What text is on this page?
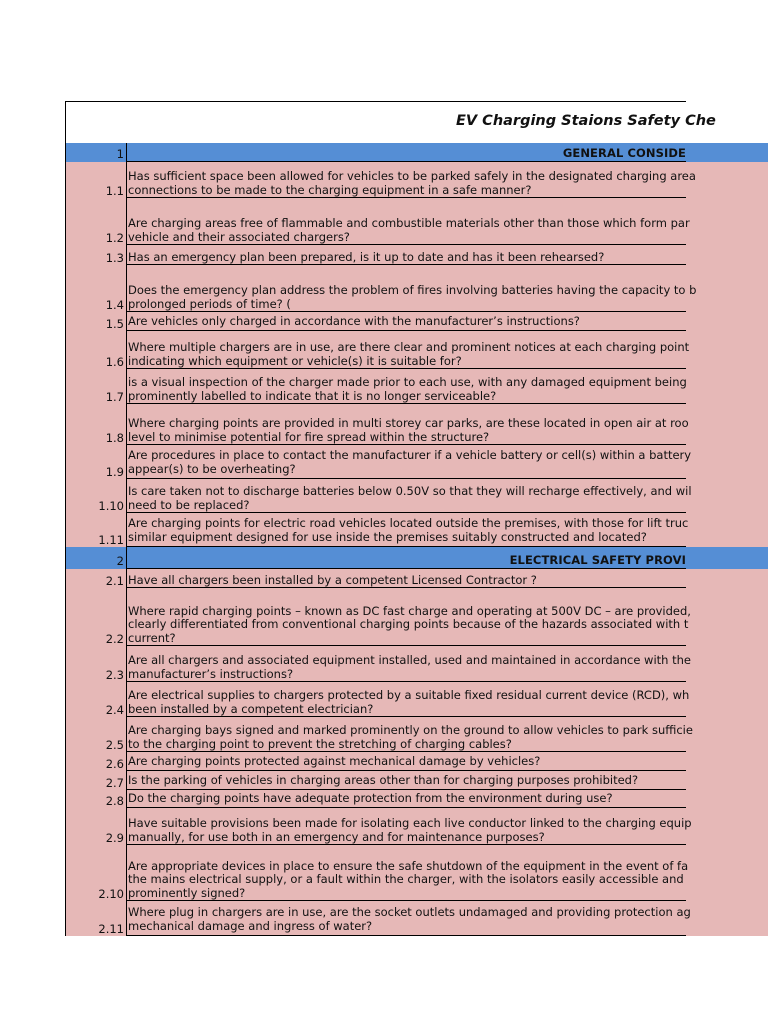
EV Charging Staions Safety Che
1	GENERAL CONSIDE
1.1
Has sufficient space been allowed for vehicles to be parked safely in the designated charging area
connections to be made to the charging equipment in a safe manner?
1.2
Are charging areas free of flammable and combustible materials other than those which form par
vehicle and their associated chargers?
1.3 Has an emergency plan been prepared, is it up to date and has it been rehearsed?
1.4
Does the emergency plan address the problem of fires involving batteries having the capacity to b
prolonged periods of time? (
1.5 Are vehicles only charged in accordance with the manufacturer’s instructions?
1.6
Where multiple chargers are in use, are there clear and prominent notices at each charging point
indicating which equipment or vehicle(s) it is suitable for?
1.7
is a visual inspection of the charger made prior to each use, with any damaged equipment being
prominently labelled to indicate that it is no longer serviceable?
1.8
Where charging points are provided in multi storey car parks, are these located in open air at roo
level to minimise potential for fire spread within the structure?
1.9
Are procedures in place to contact the manufacturer if a vehicle battery or cell(s) within a battery
appear(s) to be overheating?
1.10
Is care taken not to discharge batteries below 0.50V so that they will recharge effectively, and wil
need to be replaced?
1.11
Are charging points for electric road vehicles located outside the premises, with those for lift truc
similar equipment designed for use inside the premises suitably constructed and located?
2	ELECTRICAL SAFETY PROVI
2.1 Have all chargers been installed by a competent Licensed Contractor ?
2.2
Where rapid charging points – known as DC fast charge and operating at 500V DC – are provided,
clearly differentiated from conventional charging points because of the hazards associated with t
current?
2.3
Are all chargers and associated equipment installed, used and maintained in accordance with the
manufacturer’s instructions?
2.4
Are electrical supplies to chargers protected by a suitable fixed residual current device (RCD), wh
been installed by a competent electrician?
2.5
Are charging bays signed and marked prominently on the ground to allow vehicles to park sufficie
to the charging point to prevent the stretching of charging cables?
2.6 Are charging points protected against mechanical damage by vehicles?
2.7 Is the parking of vehicles in charging areas other than for charging purposes prohibited?
2.8 Do the charging points have adequate protection from the environment during use?
2.9
Have suitable provisions been made for isolating each live conductor linked to the charging equip
manually, for use both in an emergency and for maintenance purposes?
2.10
Are appropriate devices in place to ensure the safe shutdown of the equipment in the event of fa
the mains electrical supply, or a fault within the charger, with the isolators easily accessible and
prominently signed?
2.11
Where plug in chargers are in use, are the socket outlets undamaged and providing protection ag
mechanical damage and ingress of water?
